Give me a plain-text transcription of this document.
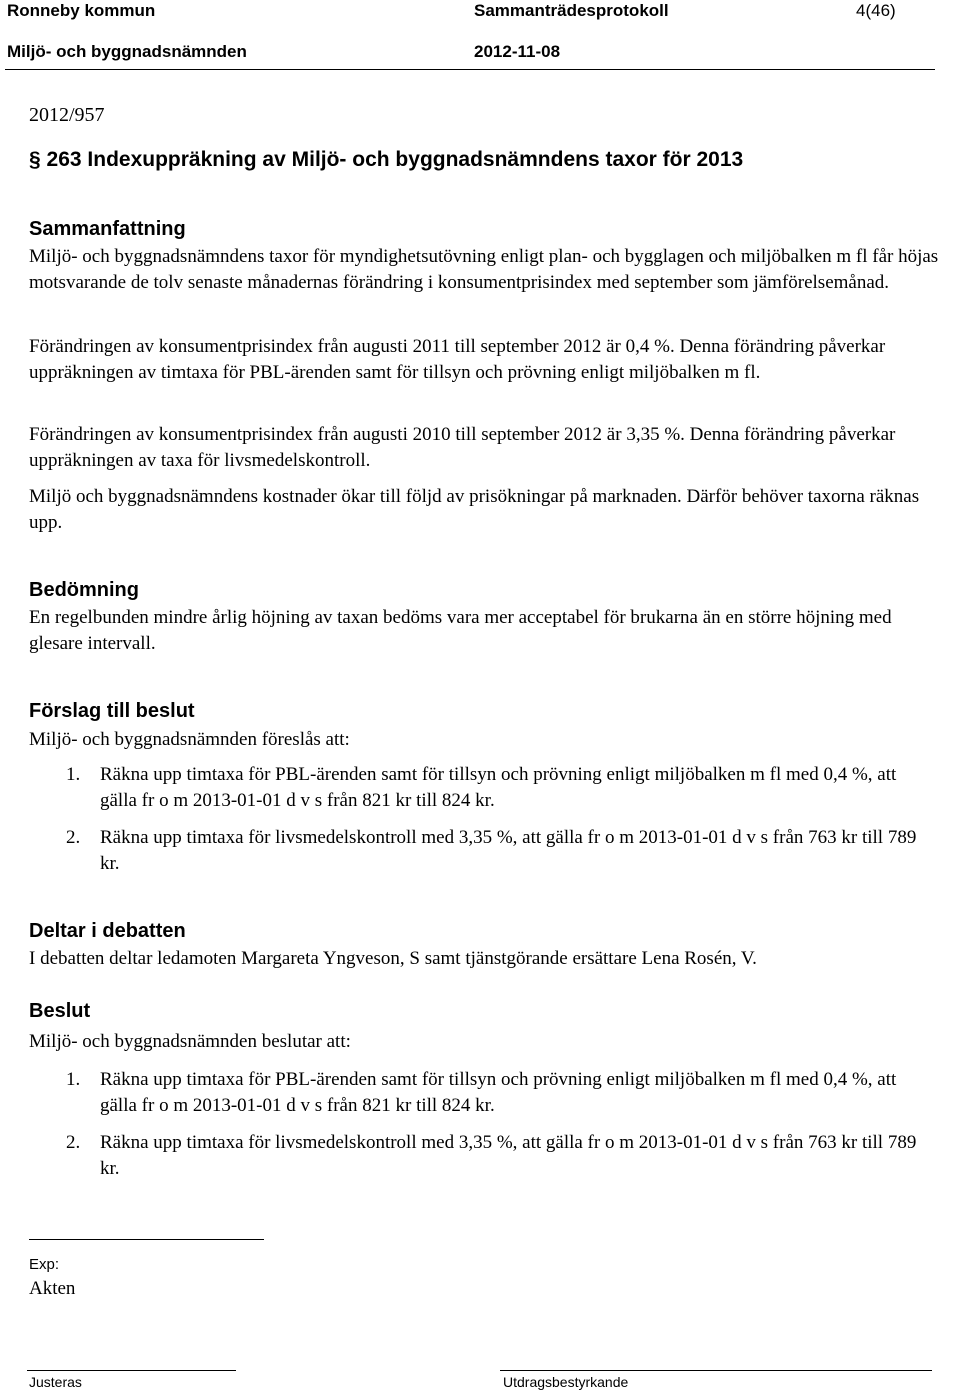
Ronneby kommun	Sammanträdesprotokoll	4(46)
Miljö- och byggnadsnämnden	2012-11-08
2012/957
§ 263 Indexuppräkning av Miljö- och byggnadsnämndens taxor för 2013
Sammanfattning

Miljö- och byggnadsnämndens taxor för myndighetsutövning enligt plan- och bygglagen och miljöbalken m fl får höjas motsvarande de tolv senaste månadernas förändring i konsumentprisindex med september som jämförelsemånad.

Förändringen av konsumentprisindex från augusti 2011 till september 2012 är 0,4 %. Denna förändring påverkar uppräkningen av timtaxa för PBL-ärenden samt för tillsyn och prövning enligt miljöbalken m fl.

Förändringen av konsumentprisindex från augusti 2010 till september 2012 är 3,35 %. Denna förändring påverkar uppräkningen av taxa för livsmedelskontroll.

Miljö och byggnadsnämndens kostnader ökar till följd av prisökningar på marknaden. Därför behöver taxorna räknas upp.

Bedömning

En regelbunden mindre årlig höjning av taxan bedöms vara mer acceptabel för brukarna än en större höjning med glesare intervall.

Förslag till beslut

Miljö- och byggnadsnämnden föreslås att:

1. Räkna upp timtaxa för PBL-ärenden samt för tillsyn och prövning enligt miljöbalken m fl med 0,4 %, att gälla fr o m 2013-01-01 d v s från 821 kr till 824 kr.
2. Räkna upp timtaxa för livsmedelskontroll med 3,35 %, att gälla fr o m 2013-01-01 d v s från 763 kr till 789 kr.
Deltar i debatten

I debatten deltar ledamoten Margareta Yngveson, S samt tjänstgörande ersättare Lena Rosén, V.

Beslut

Miljö- och byggnadsnämnden beslutar att:

1. Räkna upp timtaxa för PBL-ärenden samt för tillsyn och prövning enligt miljöbalken m fl med 0,4 %, att gälla fr o m 2013-01-01 d v s från 821 kr till 824 kr.
2. Räkna upp timtaxa för livsmedelskontroll med 3,35 %, att gälla fr o m 2013-01-01 d v s från 763 kr till 789 kr.
Exp:
Akten
Justeras	Utdragsbestyrkande
